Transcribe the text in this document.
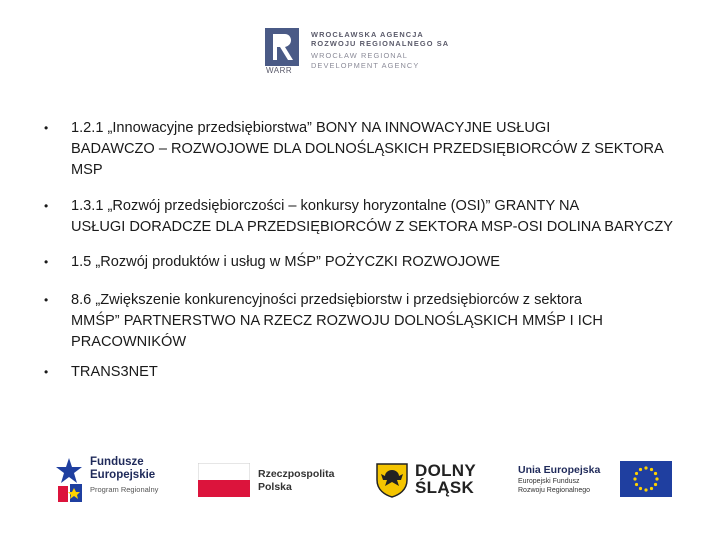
WARR
WROCŁAWSKA AGENCJA
ROZWOJU REGIONALNEGO SA
WROCŁAW REGIONAL
DEVELOPMENT AGENCY
• 1.2.1 „Innowacyjne przedsiębiorstwa” BONY NA INNOWACYJNE USŁUGI
BADAWCZO – ROZWOJOWE DLA DOLNOŚLĄSKICH PRZEDSIĘBIORCÓW Z SEKTORA
MSP
• 1.3.1 „Rozwój przedsiębiorczości – konkursy horyzontalne (OSI)” GRANTY NA
USŁUGI DORADCZE DLA PRZEDSIĘBIORCÓW Z SEKTORA MSP-OSI DOLINA BARYCZY
• 1.5 „Rozwój produktów i usług w MŚP” POŻYCZKI ROZWOJOWE
• 8.6 „Zwiększenie konkurencyjności przedsiębiorstw i przedsiębiorców z sektora
MMŚP” PARTNERSTWO NA RZECZ ROZWOJU DOLNOŚLĄSKICH MMŚP I ICH
PRACOWNIKÓW
• TRANS3NET
Fundusze
Europejskie
Program Regionalny
Rzeczpospolita
Polska
DOLNY
ŚLĄSK
Unia Europejska
Europejski Fundusz
Rozwoju Regionalnego
